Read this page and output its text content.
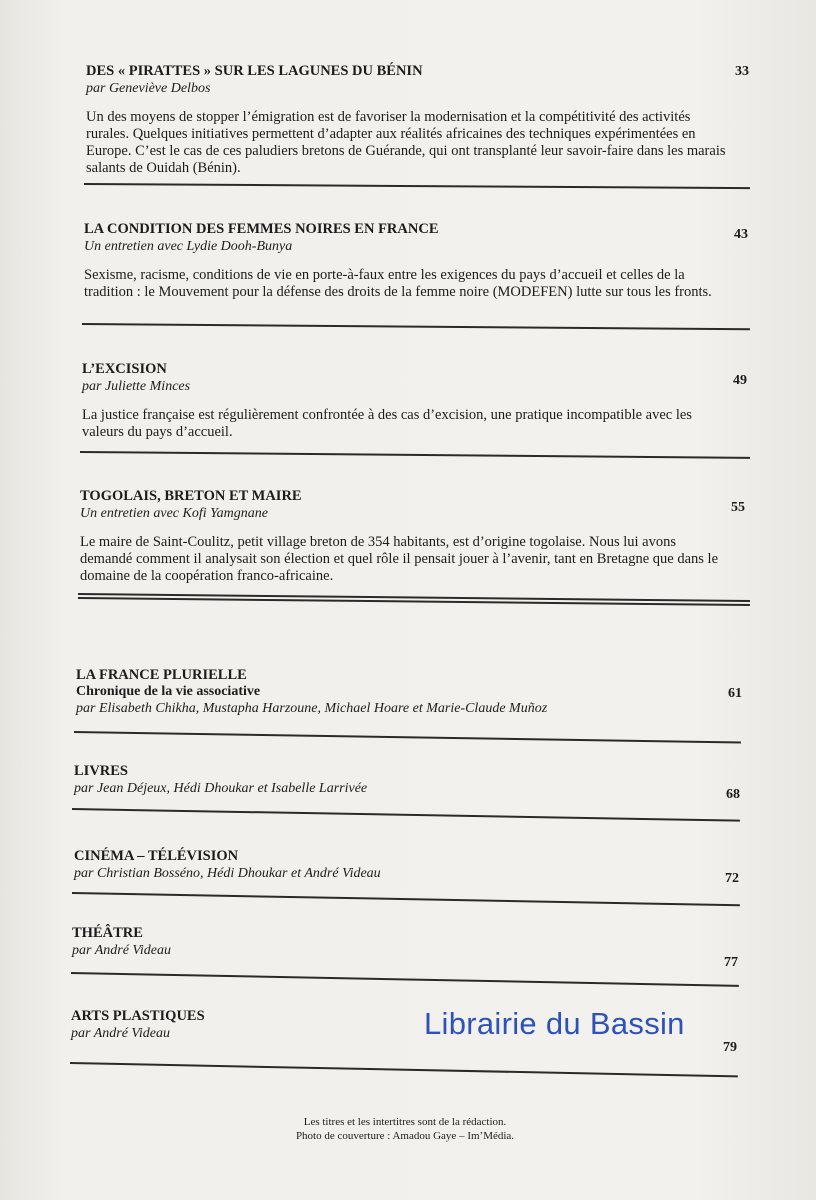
DES « PIRATTES » SUR LES LAGUNES DU BÉNIN
par Geneviève Delbos
Un des moyens de stopper l’émigration est de favoriser la modernisation et la compétitivité des activités rurales. Quelques initiatives permettent d’adapter aux réalités africaines des techniques expérimentées en Europe. C’est le cas de ces paludiers bretons de Guérande, qui ont transplanté leur savoir-faire dans les marais salants de Ouidah (Bénin).
33
LA CONDITION DES FEMMES NOIRES EN FRANCE
Un entretien avec Lydie Dooh-Bunya
Sexisme, racisme, conditions de vie en porte-à-faux entre les exigences du pays d’accueil et celles de la tradition : le Mouvement pour la défense des droits de la femme noire (MODEFEN) lutte sur tous les fronts.
43
L’EXCISION
par Juliette Minces
La justice française est régulièrement confrontée à des cas d’excision, une pratique incompatible avec les valeurs du pays d’accueil.
49
TOGOLAIS, BRETON ET MAIRE
Un entretien avec Kofi Yamgnane
Le maire de Saint-Coulitz, petit village breton de 354 habitants, est d’origine togolaise. Nous lui avons demandé comment il analysait son élection et quel rôle il pensait jouer à l’avenir, tant en Bretagne que dans le domaine de la coopération franco-africaine.
55
LA FRANCE PLURIELLE
Chronique de la vie associative
par Elisabeth Chikha, Mustapha Harzoune, Michael Hoare et Marie-Claude Muñoz
61
LIVRES
par Jean Déjeux, Hédi Dhoukar et Isabelle Larrivée	68
CINÉMA – TÉLÉVISION
par Christian Bosséno, Hédi Dhoukar et André Videau	72
THÉÂTRE
par André Videau
77
ARTS PLASTIQUES
par André Videau
79
Les titres et les intertitres sont de la rédaction.
Photo de couverture : Amadou Gaye – Im’Média.
Librairie du Bassin
